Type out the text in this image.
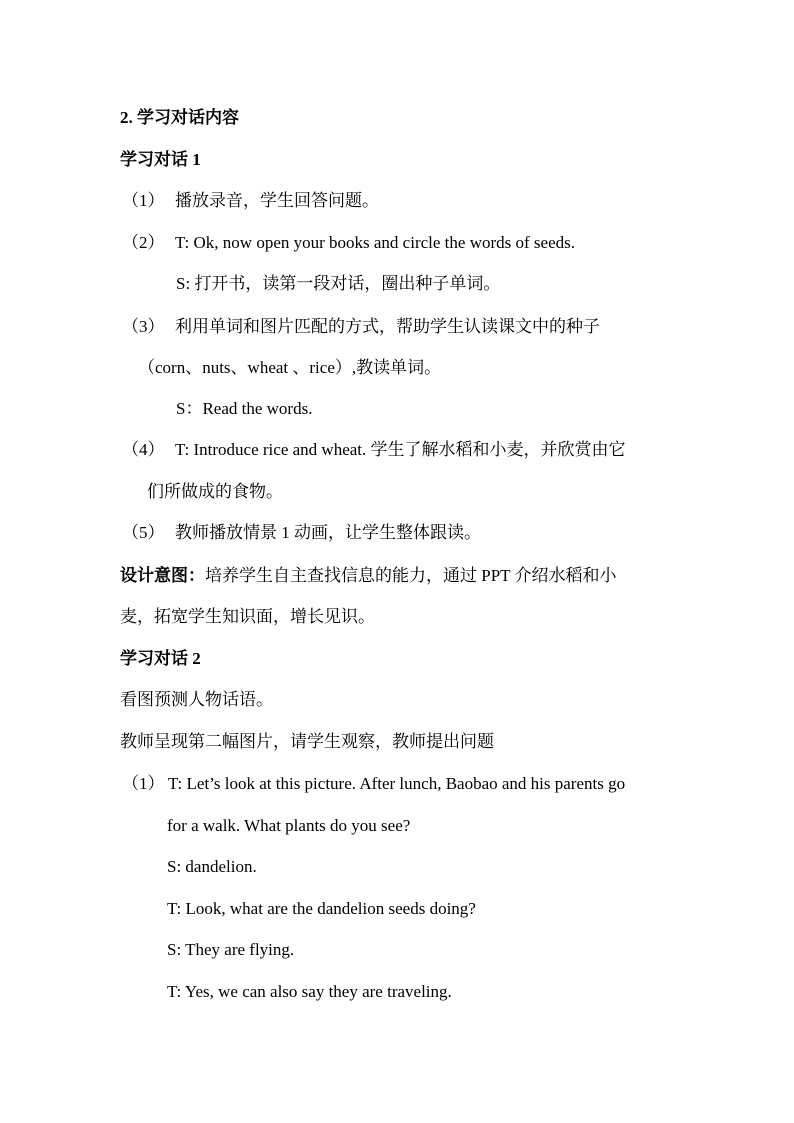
2. 学习对话内容
学习对话 1
（1） 播放录音，学生回答问题。
（2） T: Ok, now open your books and circle the words of seeds.
S: 打开书，读第一段对话，圈出种子单词。
（3） 利用单词和图片匹配的方式，帮助学生认读课文中的种子
（corn、nuts、wheat 、rice）,教读单词。
S：Read the words.
（4） T: Introduce rice and wheat. 学生了解水稻和小麦，并欣赏由它
们所做成的食物。
（5） 教师播放情景 1 动画，让学生整体跟读。
设计意图：培养学生自主查找信息的能力，通过 PPT 介绍水稻和小
麦，拓宽学生知识面，增长见识。
学习对话 2
看图预测人物话语。
教师呈现第二幅图片，请学生观察，教师提出问题
（1） T: Let’s look at this picture. After lunch, Baobao and his parents go
for a walk. What plants do you see?
S: dandelion.
T: Look, what are the dandelion seeds doing?
S: They are flying.
T: Yes, we can also say they are traveling.
